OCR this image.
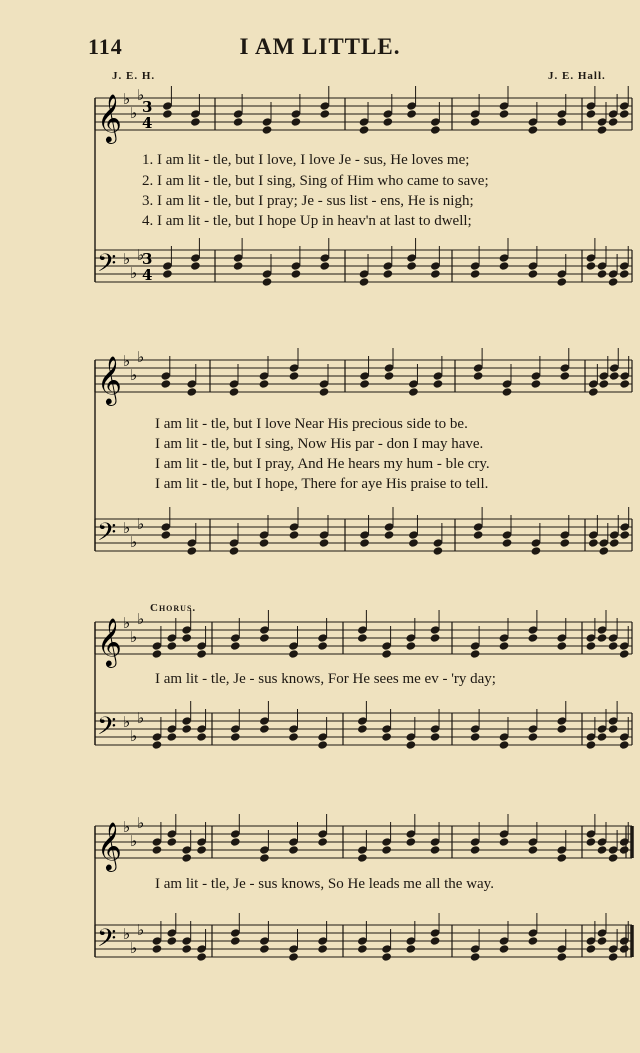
114	I AM LITTLE.
J. E. H.	J. E. Hall.
Chorus.
𝄞 ♭
♭
♭
3
4
𝄢 ♭
♭
♭
3
4
𝄞 ♭
♭
♭
𝄢 ♭
♭
♭
𝄞 ♭
♭
♭
𝄢 ♭
♭
♭
𝄞 ♭
♭
♭
𝄢 ♭
♭
♭
1. I am lit - tle, but I love, I love Je - sus, He loves me;
2. I am lit - tle, but I sing, Sing of Him who came to save;
3. I am lit - tle, but I pray; Je - sus list - ens, He is nigh;
4. I am lit - tle, but I hope Up in heav'n at last to dwell;
I am lit - tle, but I love Near His precious side to be.
I am lit - tle, but I sing, Now His par - don I may have.
I am lit - tle, but I pray, And He hears my hum - ble cry.
I am lit - tle, but I hope, There for aye His praise to tell.
I am lit - tle, Je - sus knows, For He sees me ev - 'ry day;
I am lit - tle, Je - sus knows, So He leads me all the way.
